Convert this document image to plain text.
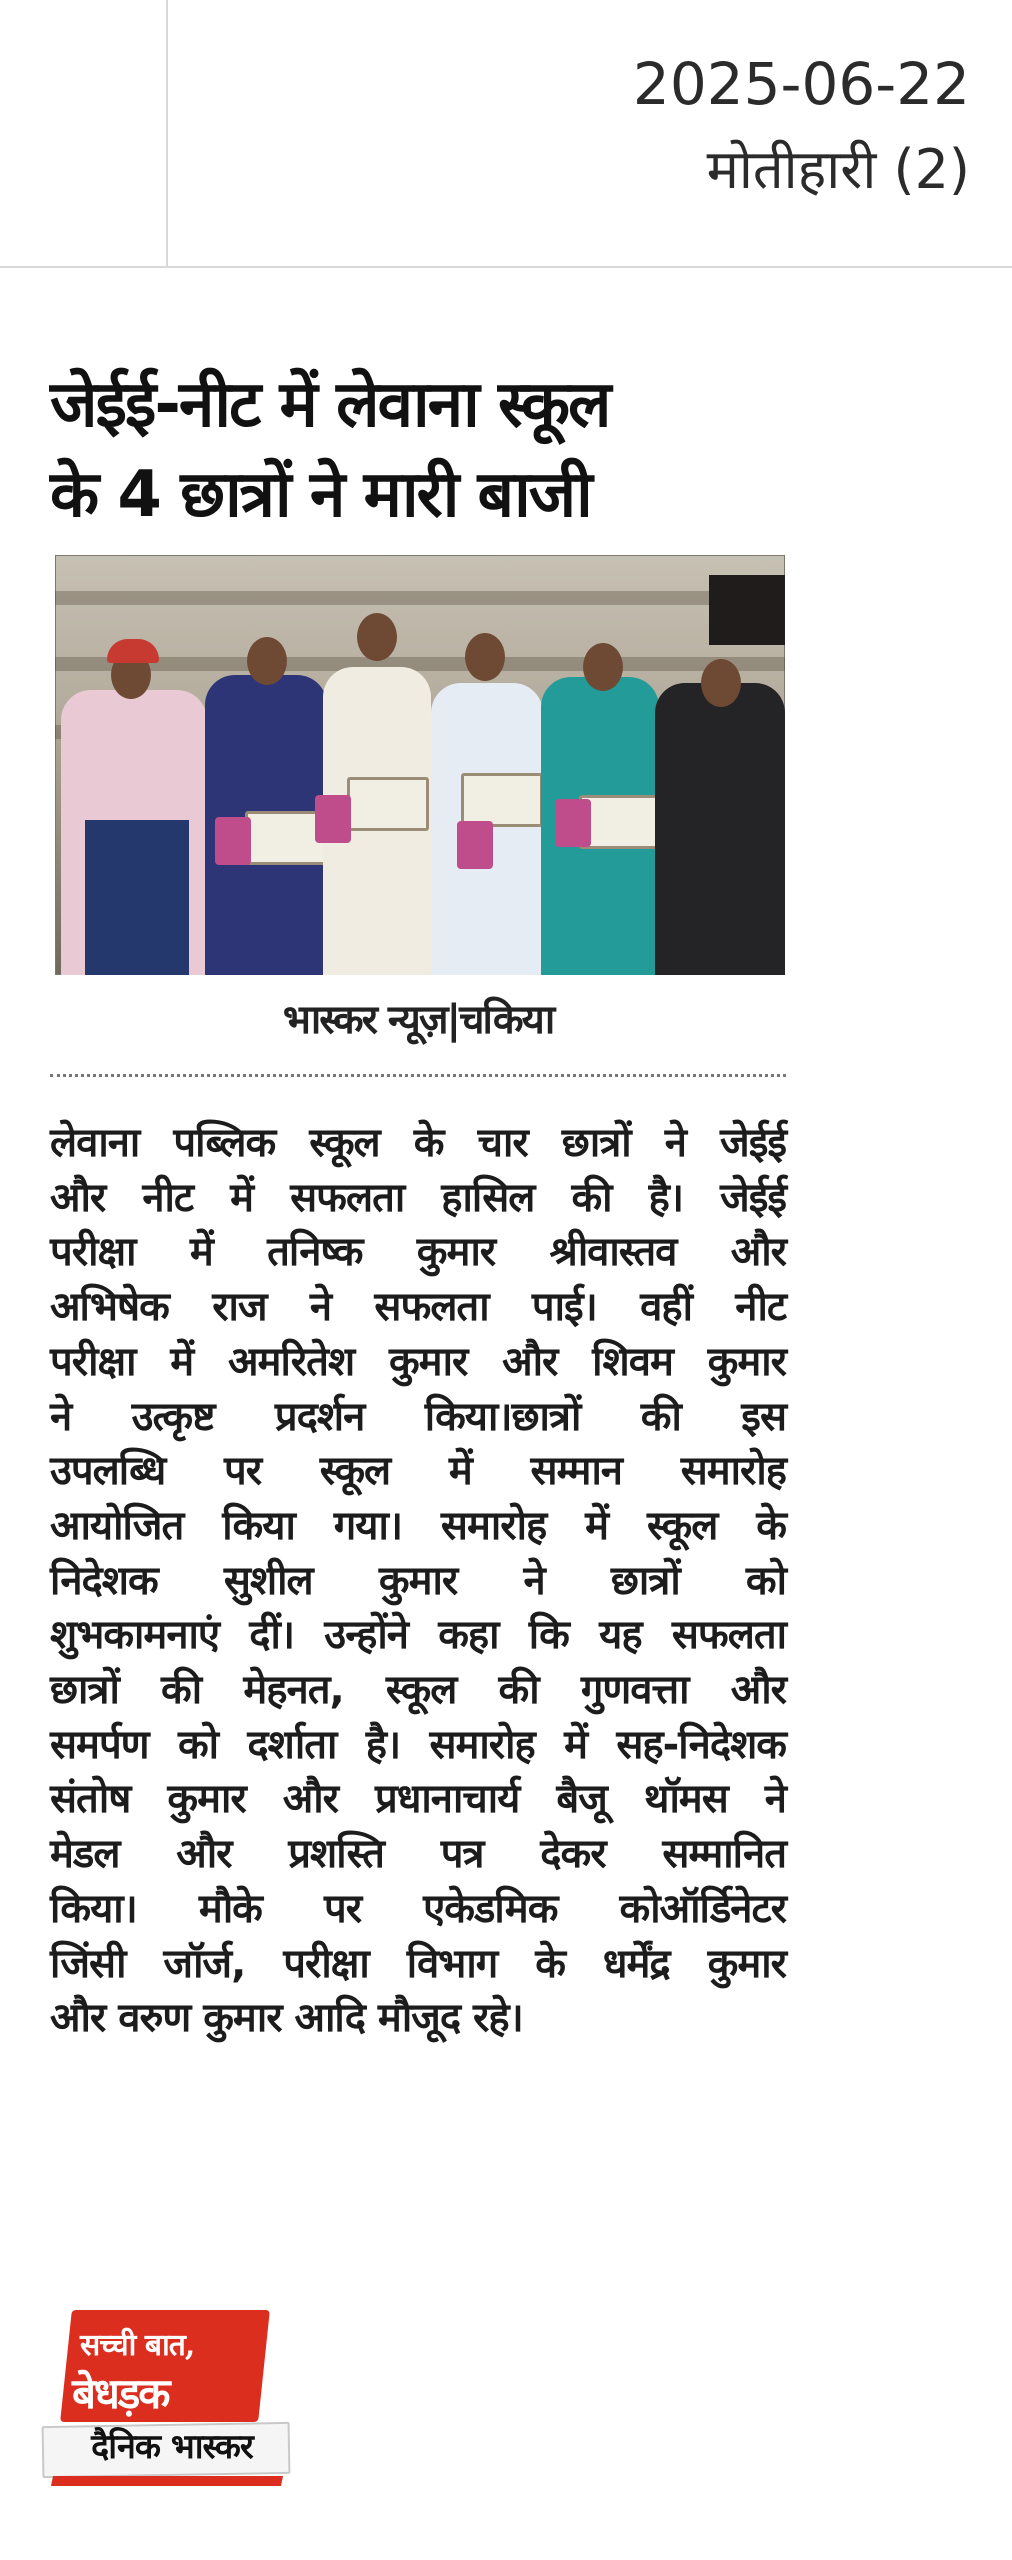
2025-06-22
मोतीहारी (2)
जेईई-नीट में लेवाना स्कूल
के 4 छात्रों ने मारी बाजी
भास्कर न्यूज़|चकिया
लेवाना पब्लिक स्कूल के चार छात्रों ने जेईई
और नीट में सफलता हासिल की है। जेईई
परीक्षा में तनिष्क कुमार श्रीवास्तव और
अभिषेक राज ने सफलता पाई। वहीं नीट
परीक्षा में अमरितेश कुमार और शिवम कुमार
ने उत्कृष्ट प्रदर्शन किया।छात्रों की इस
उपलब्धि पर स्कूल में सम्मान समारोह
आयोजित किया गया। समारोह में स्कूल के
निदेशक सुशील कुमार ने छात्रों को
शुभकामनाएं दीं। उन्होंने कहा कि यह सफलता
छात्रों की मेहनत, स्कूल की गुणवत्ता और
समर्पण को दर्शाता है। समारोह में सह-निदेशक
संतोष कुमार और प्रधानाचार्य बैजू थॉमस ने
मेडल और प्रशस्ति पत्र देकर सम्मानित
किया। मौके पर एकेडमिक कोऑर्डिनेटर
जिंसी जॉर्ज, परीक्षा विभाग के धर्मेंद्र कुमार
और वरुण कुमार आदि मौजूद रहे।
सच्ची बात,
बेधड़क
दैनिक भास्कर
